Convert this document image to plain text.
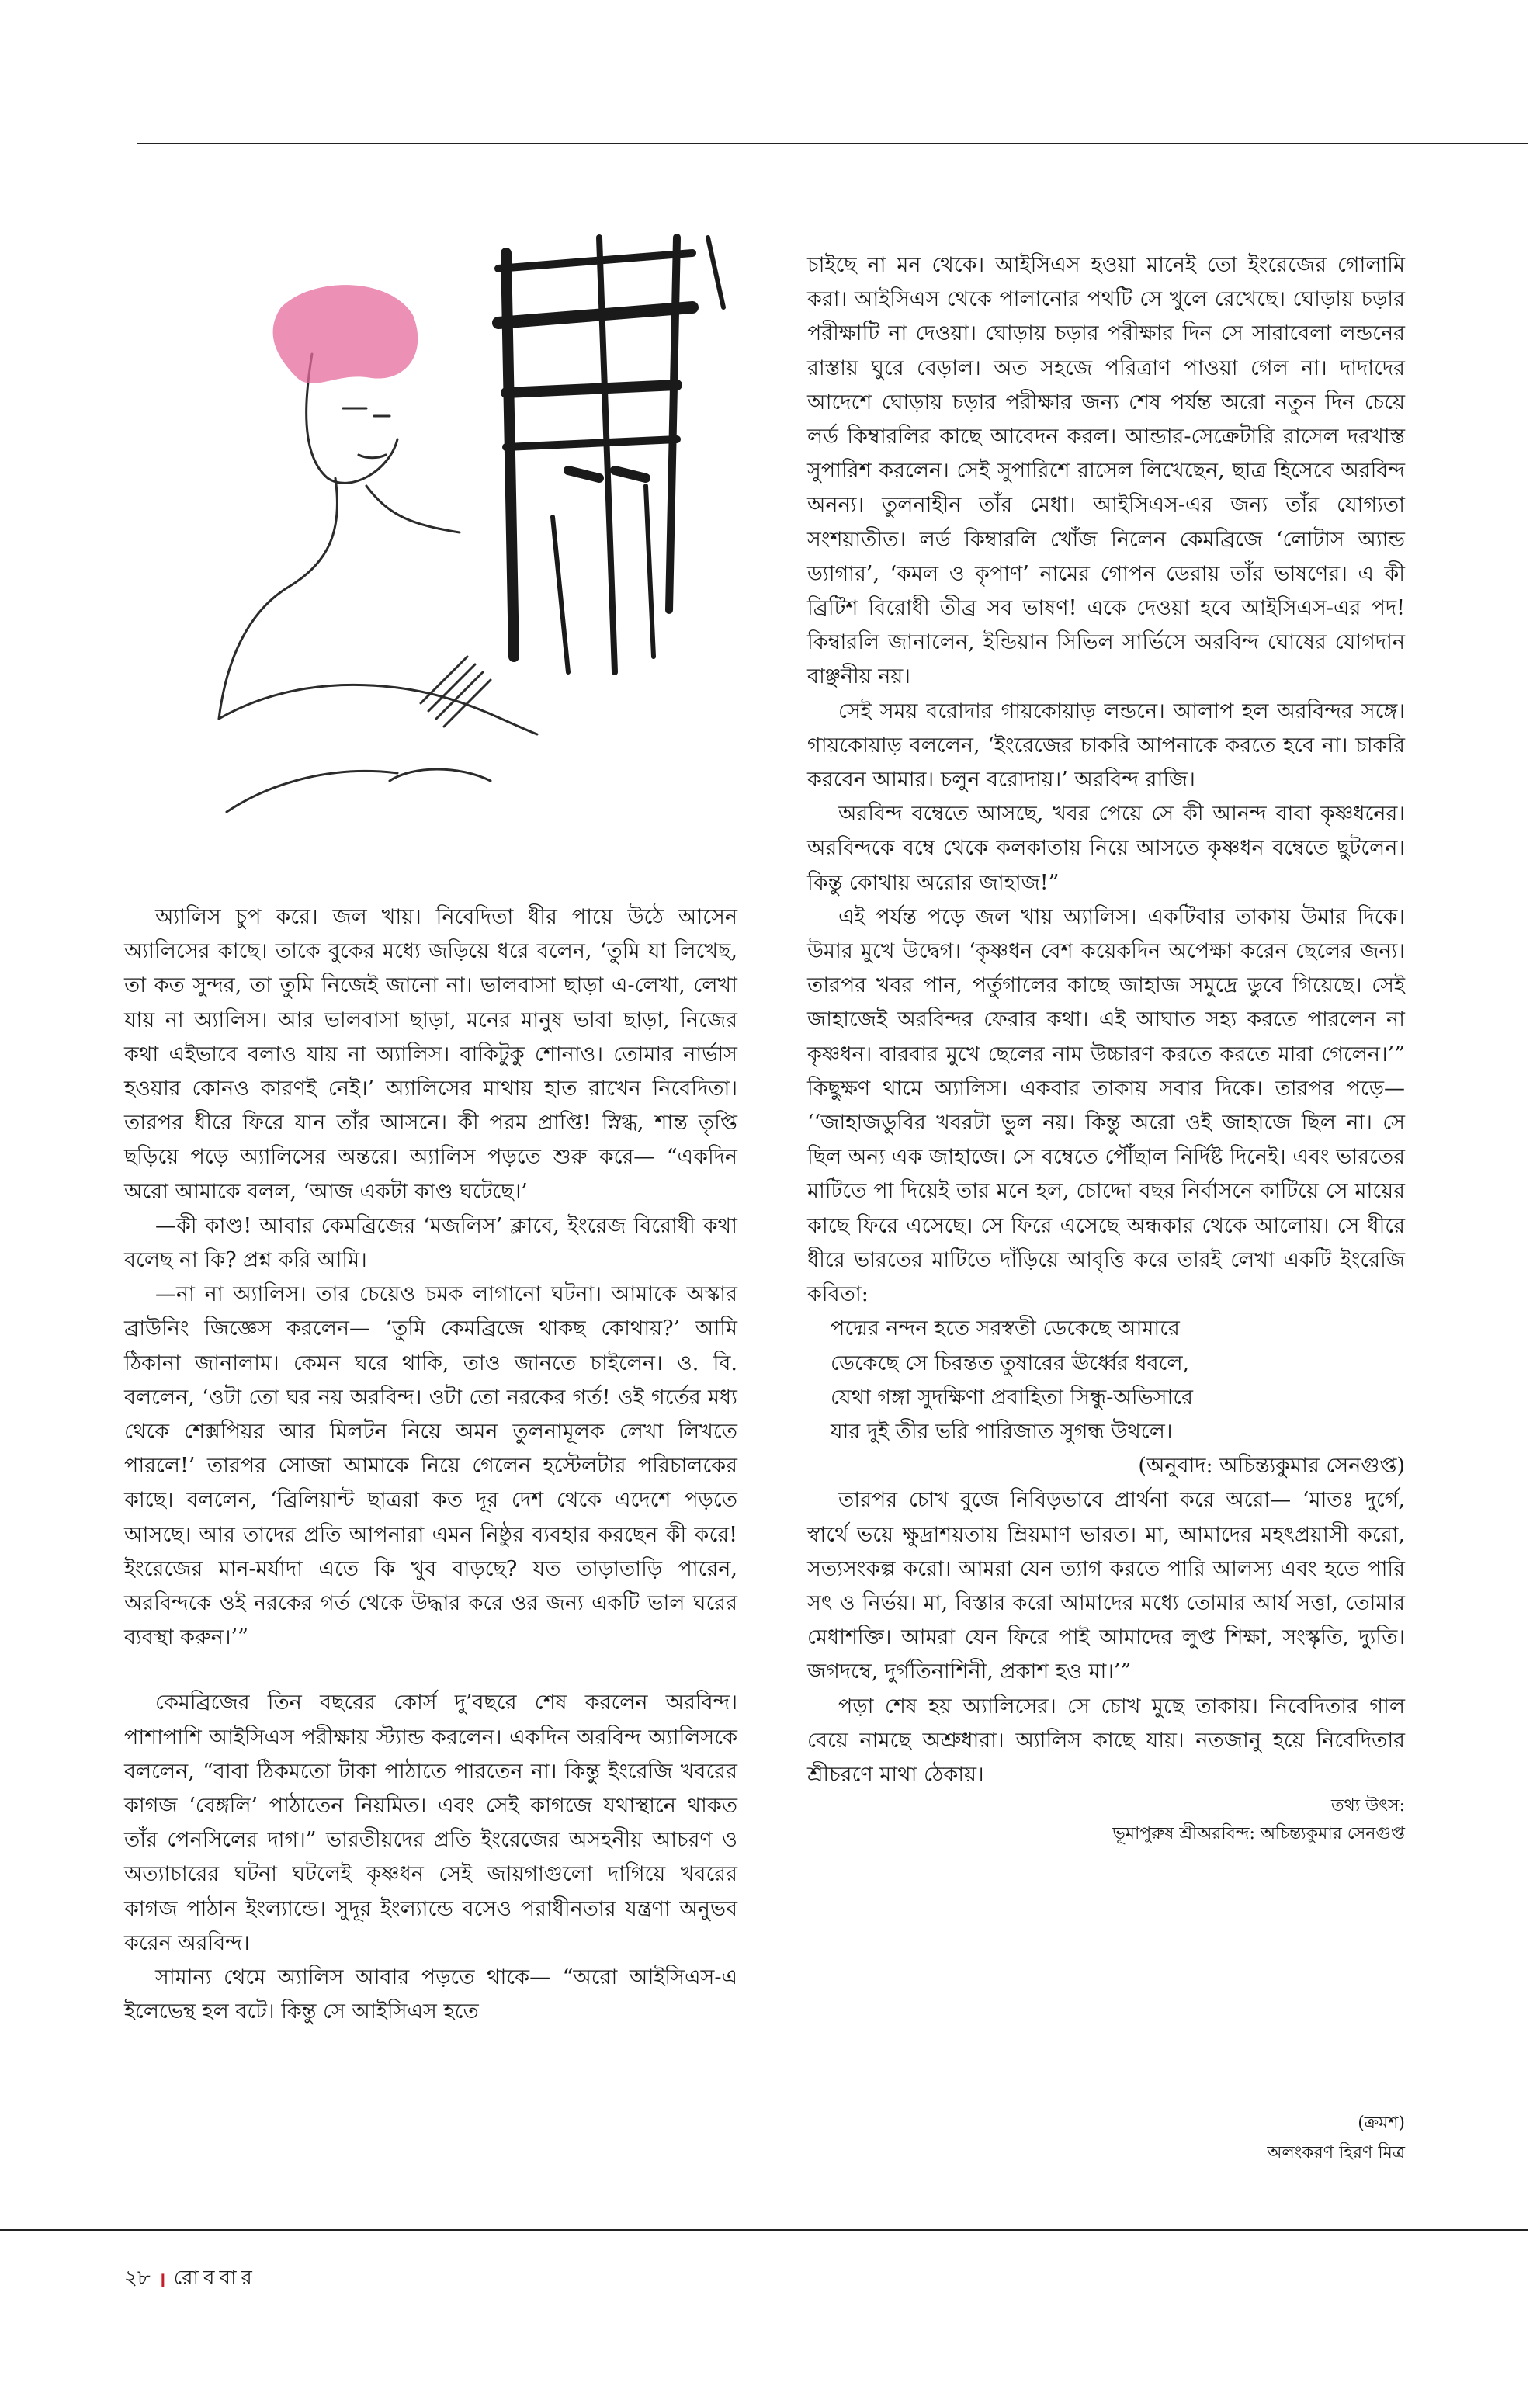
অ্যালিস চুপ করে। জল খায়। নিবেদিতা ধীর পায়ে উঠে আসেন অ্যালিসের কাছে। তাকে বুকের মধ্যে জড়িয়ে ধরে বলেন, ‘তুমি যা লিখেছ, তা কত সুন্দর, তা তুমি নিজেই জানো না। ভালবাসা ছাড়া এ-লেখা, লেখা যায় না অ্যালিস। আর ভালবাসা ছাড়া, মনের মানুষ ভাবা ছাড়া, নিজের কথা এইভাবে বলাও যায় না অ্যালিস। বাকিটুকু শোনাও। তোমার নার্ভাস হওয়ার কোনও কারণই নেই।’ অ্যালিসের মাথায় হাত রাখেন নিবেদিতা। তারপর ধীরে ফিরে যান তাঁর আসনে। কী পরম প্রাপ্তি! স্নিগ্ধ, শান্ত তৃপ্তি ছড়িয়ে পড়ে অ্যালিসের অন্তরে। অ্যালিস পড়তে শুরু করে— “একদিন অরো আমাকে বলল, ‘আজ একটা কাণ্ড ঘটেছে।’

—কী কাণ্ড! আবার কেমব্রিজের ‘মজলিস’ ক্লাবে, ইংরেজ বিরোধী কথা বলেছ না কি? প্রশ্ন করি আমি।

—না না অ্যালিস। তার চেয়েও চমক লাগানো ঘটনা। আমাকে অস্কার ব্রাউনিং জিজ্ঞেস করলেন— ‘তুমি কেমব্রিজে থাকছ কোথায়?’ আমি ঠিকানা জানালাম। কেমন ঘরে থাকি, তাও জানতে চাইলেন। ও. বি. বললেন, ‘ওটা তো ঘর নয় অরবিন্দ। ওটা তো নরকের গর্ত! ওই গর্তের মধ্য থেকে শেক্সপিয়র আর মিলটন নিয়ে অমন তুলনামূলক লেখা লিখতে পারলে!’ তারপর সোজা আমাকে নিয়ে গেলেন হস্টেলটার পরিচালকের কাছে। বললেন, ‘ব্রিলিয়ান্ট ছাত্ররা কত দূর দেশ থেকে এদেশে পড়তে আসছে। আর তাদের প্রতি আপনারা এমন নিষ্ঠুর ব্যবহার করছেন কী করে! ইংরেজের মান-মর্যাদা এতে কি খুব বাড়ছে? যত তাড়াতাড়ি পারেন, অরবিন্দকে ওই নরকের গর্ত থেকে উদ্ধার করে ওর জন্য একটি ভাল ঘরের ব্যবস্থা করুন।’”

কেমব্রিজের তিন বছরের কোর্স দু’বছরে শেষ করলেন অরবিন্দ। পাশাপাশি আইসিএস পরীক্ষায় স্ট্যান্ড করলেন। একদিন অরবিন্দ অ্যালিসকে বললেন, “বাবা ঠিকমতো টাকা পাঠাতে পারতেন না। কিন্তু ইংরেজি খবরের কাগজ ‘বেঙ্গলি’ পাঠাতেন নিয়মিত। এবং সেই কাগজে যথাস্থানে থাকত তাঁর পেনসিলের দাগ।” ভারতীয়দের প্রতি ইংরেজের অসহনীয় আচরণ ও অত্যাচারের ঘটনা ঘটলেই কৃষ্ণধন সেই জায়গাগুলো দাগিয়ে খবরের কাগজ পাঠান ইংল্যান্ডে। সুদূর ইংল্যান্ডে বসেও পরাধীনতার যন্ত্রণা অনুভব করেন অরবিন্দ।

সামান্য থেমে অ্যালিস আবার পড়তে থাকে— “অরো আইসিএস-এ ইলেভেন্থ হল বটে। কিন্তু সে আইসিএস হতে

চাইছে না মন থেকে। আইসিএস হওয়া মানেই তো ইংরেজের গোলামি করা। আইসিএস থেকে পালানোর পথটি সে খুলে রেখেছে। ঘোড়ায় চড়ার পরীক্ষাটি না দেওয়া। ঘোড়ায় চড়ার পরীক্ষার দিন সে সারাবেলা লন্ডনের রাস্তায় ঘুরে বেড়াল। অত সহজে পরিত্রাণ পাওয়া গেল না। দাদাদের আদেশে ঘোড়ায় চড়ার পরীক্ষার জন্য শেষ পর্যন্ত অরো নতুন দিন চেয়ে লর্ড কিম্বারলির কাছে আবেদন করল। আন্ডার-সেক্রেটারি রাসেল দরখাস্ত সুপারিশ করলেন। সেই সুপারিশে রাসেল লিখেছেন, ছাত্র হিসেবে অরবিন্দ অনন্য। তুলনাহীন তাঁর মেধা। আইসিএস-এর জন্য তাঁর যোগ্যতা সংশয়াতীত। লর্ড কিম্বারলি খোঁজ নিলেন কেমব্রিজে ‘লোটাস অ্যান্ড ড্যাগার’, ‘কমল ও কৃপাণ’ নামের গোপন ডেরায় তাঁর ভাষণের। এ কী ব্রিটিশ বিরোধী তীব্র সব ভাষণ! একে দেওয়া হবে আইসিএস-এর পদ! কিম্বারলি জানালেন, ইন্ডিয়ান সিভিল সার্ভিসে অরবিন্দ ঘোষের যোগদান বাঞ্ছনীয় নয়।

সেই সময় বরোদার গায়কোয়াড় লন্ডনে। আলাপ হল অরবিন্দর সঙ্গে। গায়কোয়াড় বললেন, ‘ইংরেজের চাকরি আপনাকে করতে হবে না। চাকরি করবেন আমার। চলুন বরোদায়।’ অরবিন্দ রাজি।

অরবিন্দ বম্বেতে আসছে, খবর পেয়ে সে কী আনন্দ বাবা কৃষ্ণধনের। অরবিন্দকে বম্বে থেকে কলকাতায় নিয়ে আসতে কৃষ্ণধন বম্বেতে ছুটলেন। কিন্তু কোথায় অরোর জাহাজ!”

এই পর্যন্ত পড়ে জল খায় অ্যালিস। একটিবার তাকায় উমার দিকে। উমার মুখে উদ্বেগ। ‘কৃষ্ণধন বেশ কয়েকদিন অপেক্ষা করেন ছেলের জন্য। তারপর খবর পান, পর্তুগালের কাছে জাহাজ সমুদ্রে ডুবে গিয়েছে। সেই জাহাজেই অরবিন্দর ফেরার কথা। এই আঘাত সহ্য করতে পারলেন না কৃষ্ণধন। বারবার মুখে ছেলের নাম উচ্চারণ করতে করতে মারা গেলেন।’” কিছুক্ষণ থামে অ্যালিস। একবার তাকায় সবার দিকে। তারপর পড়ে— ‘‘জাহাজডুবির খবরটা ভুল নয়। কিন্তু অরো ওই জাহাজে ছিল না। সে ছিল অন্য এক জাহাজে। সে বম্বেতে পৌঁছাল নির্দিষ্ট দিনেই। এবং ভারতের মাটিতে পা দিয়েই তার মনে হল, চোদ্দো বছর নির্বাসনে কাটিয়ে সে মায়ের কাছে ফিরে এসেছে। সে ফিরে এসেছে অন্ধকার থেকে আলোয়। সে ধীরে ধীরে ভারতের মাটিতে দাঁড়িয়ে আবৃত্তি করে তারই লেখা একটি ইংরেজি কবিতা:

পদ্মের নন্দন হতে সরস্বতী ডেকেছে আমারে
ডেকেছে সে চিরন্তত তুষারের ঊর্ধ্বের ধবলে,
যেথা গঙ্গা সুদক্ষিণা প্রবাহিতা সিন্ধু-অভিসারে
যার দুই তীর ভরি পারিজাত সুগন্ধ উথলে।

(অনুবাদ: অচিন্ত্যকুমার সেনগুপ্ত)

তারপর চোখ বুজে নিবিড়ভাবে প্রার্থনা করে অরো— ‘মাতঃ দুর্গে, স্বার্থে ভয়ে ক্ষুদ্রাশয়তায় ম্রিয়মাণ ভারত। মা, আমাদের মহৎপ্রয়াসী করো, সত্যসংকল্প করো। আমরা যেন ত্যাগ করতে পারি আলস্য এবং হতে পারি সৎ ও নির্ভয়। মা, বিস্তার করো আমাদের মধ্যে তোমার আর্য সত্তা, তোমার মেধাশক্তি। আমরা যেন ফিরে পাই আমাদের লুপ্ত শিক্ষা, সংস্কৃতি, দ্যুতি। জগদম্বে, দুর্গতিনাশিনী, প্রকাশ হও মা।’”

পড়া শেষ হয় অ্যালিসের। সে চোখ মুছে তাকায়। নিবেদিতার গাল বেয়ে নামছে অশ্রুধারা। অ্যালিস কাছে যায়। নতজানু হয়ে নিবেদিতার শ্রীচরণে মাথা ঠেকায়।

তথ্য উৎস:

ভূমাপুরুষ শ্রীঅরবিন্দ: অচিন্ত্যকুমার সেনগুপ্ত

(ক্রমশ)
অলংকরণ হিরণ মিত্র
২৮ । রোববার
